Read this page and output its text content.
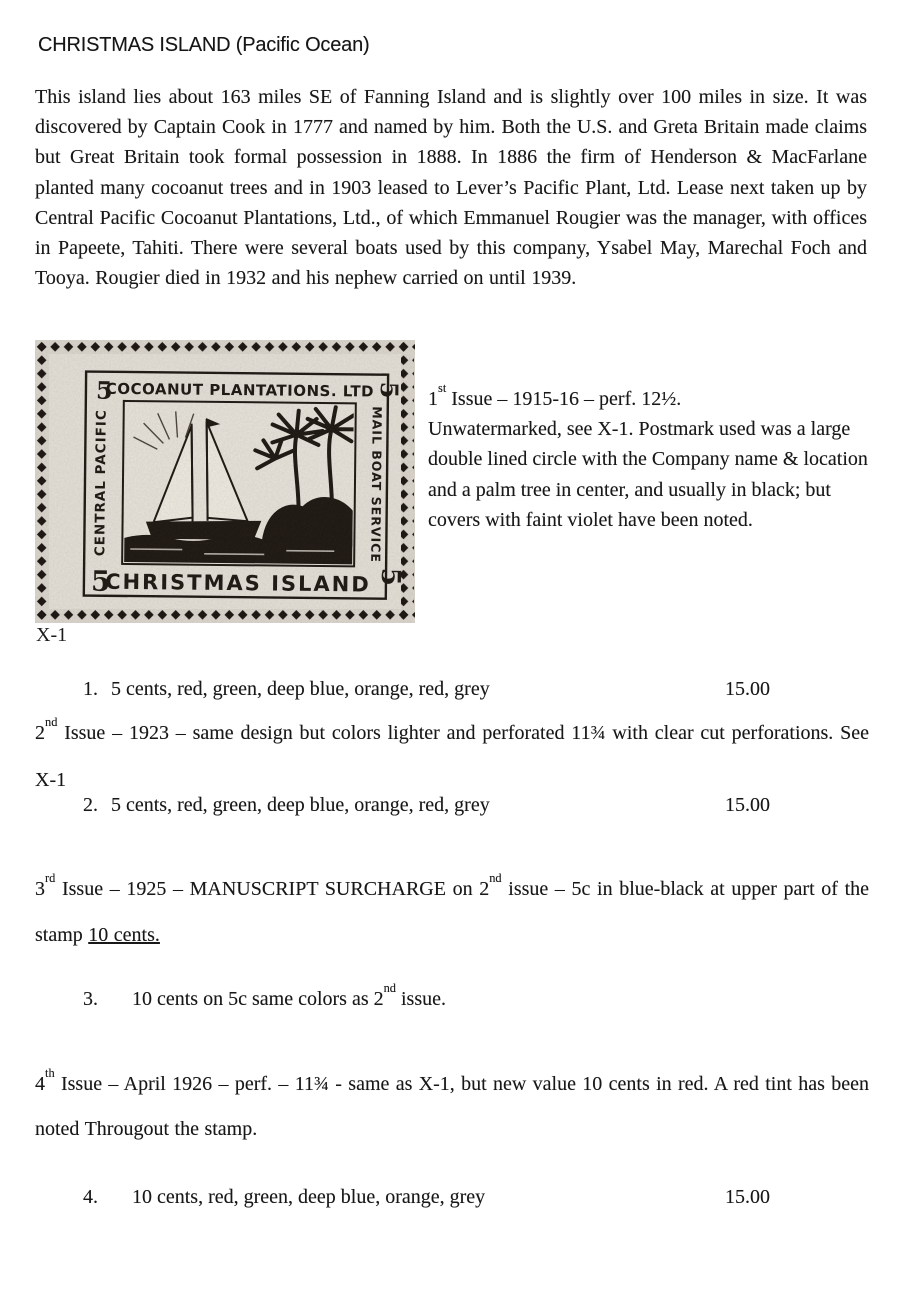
CHRISTMAS ISLAND (Pacific Ocean)
This island lies about 163 miles SE of Fanning Island and is slightly over 100 miles in size. It was discovered by Captain Cook in 1777 and named by him. Both the U.S. and Greta Britain made claims but Great Britain took formal possession in 1888. In 1886 the firm of Henderson & MacFarlane planted many cocoanut trees and in 1903 leased to Lever’s Pacific Plant, Ltd. Lease next taken up by Central Pacific Cocoanut Plantations, Ltd., of which Emmanuel Rougier was the manager, with offices in Papeete, Tahiti. There were several boats used by this company, Ysabel May, Marechal Foch and Tooya. Rougier died in 1932 and his nephew carried on until 1939.
COCOANUT PLANTATIONS. LTD
CHRISTMAS ISLAND
CENTRAL PACIFIC	MAIL BOAT SERVICE
5	5
5	5
1st Issue – 1915-16 – perf. 12½.
Unwatermarked, see X-1. Postmark used was a large double lined circle with the Company name & location and a palm tree in center, and usually in black; but covers with faint violet have been noted.
X-1
1. 5 cents, red, green, deep blue, orange, red, grey	15.00
2nd Issue – 1923 – same design but colors lighter and perforated 11¾ with clear cut perforations. See X-1
2. 5 cents, red, green, deep blue, orange, red, grey	15.00
3rd Issue – 1925 – MANUSCRIPT SURCHARGE on 2nd issue – 5c in blue-black at upper part of the stamp 10 cents.
3. 10 cents on 5c same colors as 2nd issue.
4th Issue – April 1926 – perf. – 11¾ - same as X-1, but new value 10 cents in red. A red tint has been noted Througout the stamp.
4. 10 cents, red, green, deep blue, orange, grey	15.00
